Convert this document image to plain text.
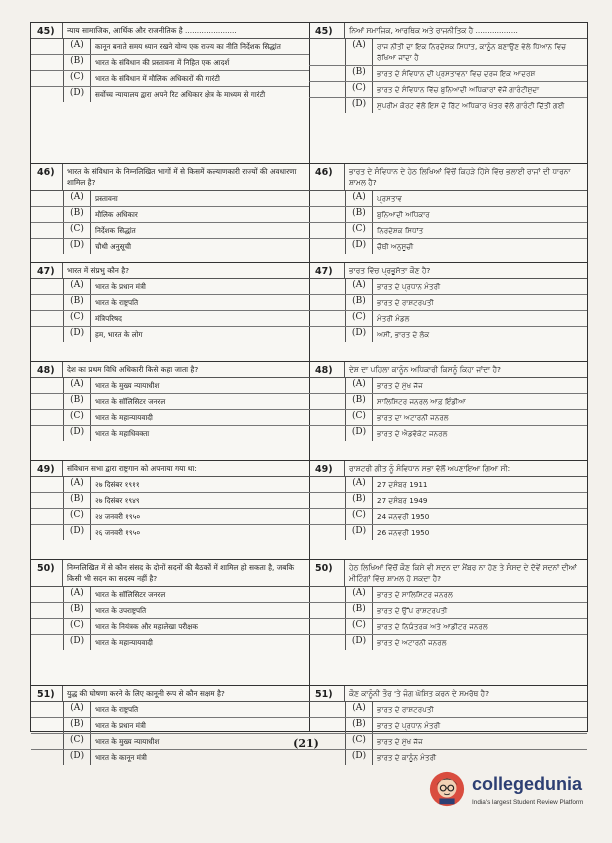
45)	न्याय सामाजिक, आर्थिक और राजनीतिक है ......................
(A)	कानून बनाते समय ध्यान रखने योग्य एक राज्य का नीति निर्देशक सिद्धांत
(B)	भारत के संविधान की प्रस्तावना में निहित एक आदर्श
(C)	भारत के संविधान में मौलिक अधिकारों की गारंटी
(D)	सर्वोच्च न्यायालय द्वारा अपने रिट अधिकार क्षेत्र के माध्यम से गारंटी
46)	भारत के संविधान के निम्नलिखित भागों में से किसमें कल्याणकारी राज्यों की अवधारणा शामिल है?
(A)	प्रस्तावना
(B)	मौलिक अधिकार
(C)	निर्देशक सिद्धांत
(D)	चौथी अनुसूची
47)	भारत में संप्रभु कौन है?
(A)	भारत के प्रधान मंत्री
(B)	भारत के राष्ट्रपति
(C)	मंत्रिपरिषद
(D)	हम, भारत के लोग
48)	देश का प्रथम विधि अधिकारी किसे कहा जाता है?
(A)	भारत के मुख्य न्यायाधीश
(B)	भारत के सॉलिसिटर जनरल
(C)	भारत के महान्यायवादी
(D)	भारत के महाधिवक्ता
49)	संविधान सभा द्वारा राष्ट्रगान को अपनाया गया था:
(A)	२७ दिसंबर १९११
(B)	२७ दिसंबर १९४९
(C)	२४ जनवरी १९५०
(D)	२६ जनवरी १९५०
50)	निम्नलिखित में से कौन संसद के दोनों सदनों की बैठकों में शामिल हो सकता है, जबकि किसी भी सदन का सदस्य नहीं है?
(A)	भारत के सॉलिसिटर जनरल
(B)	भारत के उपराष्ट्रपति
(C)	भारत के नियंत्रक और महालेखा परीक्षक
(D)	भारत के महान्यायवादी
51)	युद्ध की घोषणा करने के लिए कानूनी रूप से कौन सक्षम है?
(A)	भारत के राष्ट्रपति
(B)	भारत के प्रधान मंत्री
(C)	भारत के मुख्य न्यायाधीश
(D)	भारत के कानून मंत्री
45)	ਨਿਆਂ ਸਮਾਜਿਕ, ਆਰਥਿਕ ਅਤੇ ਰਾਜਨੀਤਿਕ ਹੈ ..................
(A)	ਰਾਜ ਨੀਤੀ ਦਾ ਇਕ ਨਿਰਦੇਸ਼ਕ ਸਿਧਾਂਤ, ਕਾਨੂੰਨ ਬਣਾਉਣ ਵੇਲੇ ਧਿਆਨ ਵਿਚ ਰੱਖਿਆ ਜਾਂਦਾ ਹੈ
(B)	ਭਾਰਤ ਦੇ ਸੰਵਿਧਾਨ ਦੀ ਪ੍ਰਸਤਾਵਨਾ ਵਿਚ ਦਰਜ ਇਕ ਆਦਰਸ਼
(C)	ਭਾਰਤ ਦੇ ਸੰਵਿਧਾਨ ਵਿੱਚ ਬੁਨਿਆਦੀ ਅਧਿਕਾਰਾਂ ਵੱਜੋਂ ਗਾਰੰਟੀਸ਼ੁਦਾ
(D)	ਸੁਪਰੀਮ ਕੋਰਟ ਵੱਲੋਂ ਇਸ ਦੇ ਰਿੱਟ ਅਧਿਕਾਰ ਖੇਤਰ ਵੱਲੋਂ ਗਾਰੰਟੀ ਦਿੱਤੀ ਗਈ
46)	ਭਾਰਤ ਦੇ ਸੰਵਿਧਾਨ ਦੇ ਹੇਠ ਲਿਖਿਆਂ ਵਿੱਚੋਂ ਕਿਹੜੇ ਹਿੱਸੇ ਵਿੱਚ ਭਲਾਈ ਰਾਜਾਂ ਦੀ ਧਾਰਨਾ ਸ਼ਾਮਲ ਹੈ?
(A)	ਪ੍ਰਸਤਾਵ
(B)	ਬੁਨਿਆਦੀ ਅਧਿਕਾਰ
(C)	ਨਿਰਦੇਸ਼ਕ ਸਿਧਾਂਤ
(D)	ਚੌਥੀ ਅਨੁਸੂਚੀ
47)	ਭਾਰਤ ਵਿੱਚ ਪ੍ਰਭੂਸੱਤਾ ਕੌਣ ਹੈ?
(A)	ਭਾਰਤ ਦੇ ਪ੍ਰਧਾਨ ਮੰਤਰੀ
(B)	ਭਾਰਤ ਦੇ ਰਾਸ਼ਟਰਪਤੀ
(C)	ਮੰਤਰੀ ਮੰਡਲ
(D)	ਅਸੀਂ, ਭਾਰਤ ਦੇ ਲੋਕ
48)	ਦੇਸ਼ ਦਾ ਪਹਿਲਾ ਕਾਨੂੰਨ ਅਧਿਕਾਰੀ ਕਿਸਨੂੰ ਕਿਹਾ ਜਾਂਦਾ ਹੈ?
(A)	ਭਾਰਤ ਦੇ ਮੁੱਖ ਜੱਜ
(B)	ਸਾਲਿਸਿਟਰ ਜਨਰਲ ਆਫ਼ ਇੰਡੀਆ
(C)	ਭਾਰਤ ਦਾ ਅਟਾਰਨੀ ਜਨਰਲ
(D)	ਭਾਰਤ ਦੇ ਐਡਵੋਕੇਟ ਜਨਰਲ
49)	ਰਾਸ਼ਟਰੀ ਗੀਤ ਨੂੰ ਸੰਵਿਧਾਨ ਸਭਾ ਵੱਲੋਂ ਅਪਣਾਇਆ ਗਿਆ ਸੀ:
(A)	27 ਦਸੰਬਰ 1911
(B)	27 ਦਸੰਬਰ 1949
(C)	24 ਜਨਵਰੀ 1950
(D)	26 ਜਨਵਰੀ 1950
50)	ਹੇਠ ਲਿਖਿਆਂ ਵਿੱਚੋਂ ਕੌਣ ਕਿਸੇ ਵੀ ਸਦਨ ਦਾ ਮੈਂਬਰ ਨਾ ਹੋਣ ਤੇ ਸੰਸਦ ਦੇ ਦੋਵੇਂ ਸਦਨਾਂ ਦੀਆਂ ਮੀਟਿੰਗਾਂ ਵਿੱਚ ਸ਼ਾਮਲ ਹੋ ਸਕਦਾ ਹੈ?
(A)	ਭਾਰਤ ਦੇ ਸਾਲਿਸਿਟਰ ਜਨਰਲ
(B)	ਭਾਰਤ ਦੇ ਉੱਪ ਰਾਸ਼ਟਰਪਤੀ
(C)	ਭਾਰਤ ਦੇ ਨਿਯੰਤਰਕ ਅਤੇ ਆਡੀਟਰ ਜਨਰਲ
(D)	ਭਾਰਤ ਦੇ ਅਟਾਰਨੀ ਜਨਰਲ
51)	ਕੌਣ ਕਾਨੂੰਨੀ ਤੌਰ 'ਤੇ ਜੰਗ ਘੋਸ਼ਿਤ ਕਰਨ ਦੇ ਸਮਰੱਥ ਹੈ?
(A)	ਭਾਰਤ ਦੇ ਰਾਸ਼ਟਰਪਤੀ
(B)	ਭਾਰਤ ਦੇ ਪ੍ਰਧਾਨ ਮੰਤਰੀ
(C)	ਭਾਰਤ ਦੇ ਮੁੱਖ ਜੱਜ
(D)	ਭਾਰਤ ਦੇ ਕਾਨੂੰਨ ਮੰਤਰੀ
(21)
collegedunia
India's largest Student Review Platform
